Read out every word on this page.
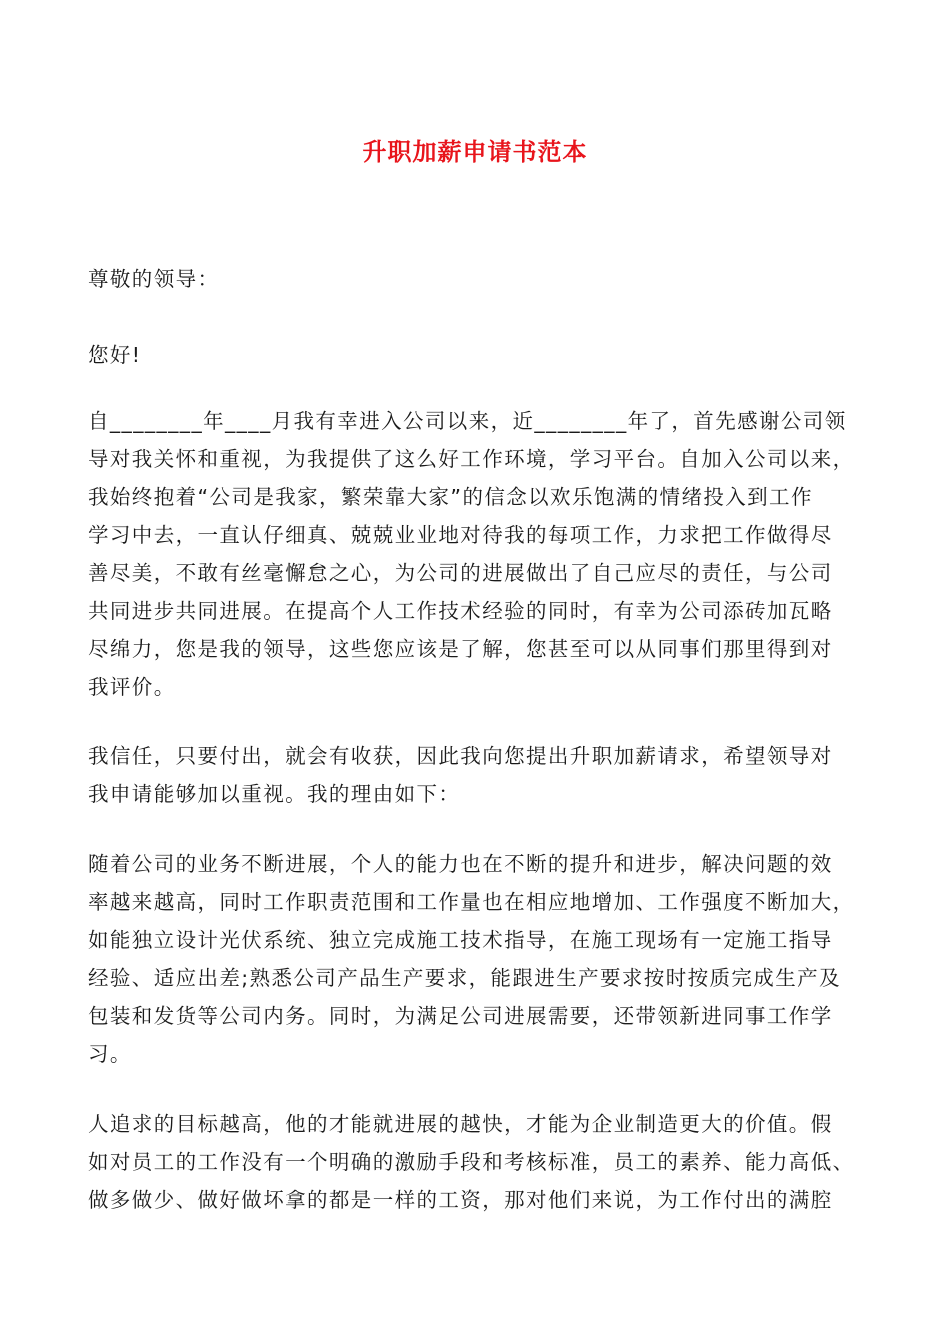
升职加薪申请书范本
尊敬的领导：
您好!
自________年____月我有幸进入公司以来，近________年了，首先感谢公司领
导对我关怀和重视，为我提供了这么好工作环境，学习平台。自加入公司以来，
我始终抱着“公司是我家，繁荣靠大家”的信念以欢乐饱满的情绪投入到工作
学习中去，一直认仔细真、兢兢业业地对待我的每项工作，力求把工作做得尽
善尽美，不敢有丝毫懈怠之心，为公司的进展做出了自己应尽的责任，与公司
共同进步共同进展。在提高个人工作技术经验的同时，有幸为公司添砖加瓦略
尽绵力，您是我的领导，这些您应该是了解，您甚至可以从同事们那里得到对
我评价。
我信任，只要付出，就会有收获，因此我向您提出升职加薪请求，希望领导对
我申请能够加以重视。我的理由如下：
随着公司的业务不断进展，个人的能力也在不断的提升和进步，解决问题的效
率越来越高，同时工作职责范围和工作量也在相应地增加、工作强度不断加大，
如能独立设计光伏系统、独立完成施工技术指导，在施工现场有一定施工指导
经验、适应出差;熟悉公司产品生产要求，能跟进生产要求按时按质完成生产及
包装和发货等公司内务。同时，为满足公司进展需要，还带领新进同事工作学
习。
人追求的目标越高，他的才能就进展的越快，才能为企业制造更大的价值。假
如对员工的工作没有一个明确的激励手段和考核标准，员工的素养、能力高低、
做多做少、做好做坏拿的都是一样的工资，那对他们来说，为工作付出的满腔
